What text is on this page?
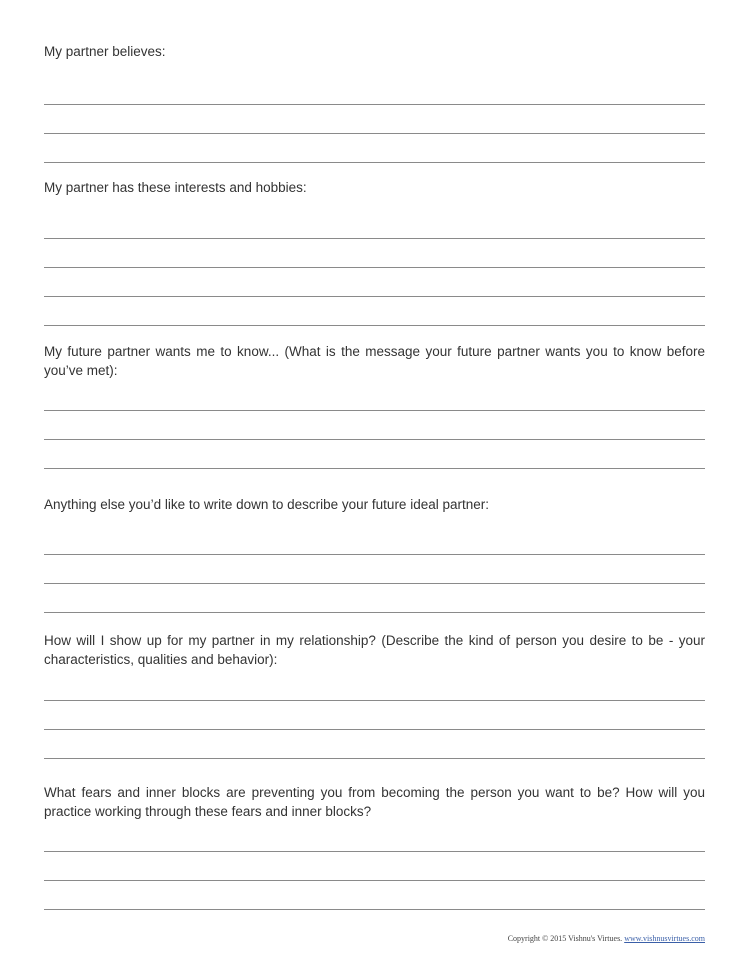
My partner believes:

My partner has these interests and hobbies:

My future partner wants me to know... (What is the message your future partner wants you to know before you’ve met):

Anything else you’d like to write down to describe your future ideal partner:

How will I show up for my partner in my relationship? (Describe the kind of person you desire to be - your characteristics, qualities and behavior):

What fears and inner blocks are preventing you from becoming the person you want to be? How will you practice working through these fears and inner blocks?

Copyright © 2015 Vishnu's Virtues. www.vishnusvirtues.com
